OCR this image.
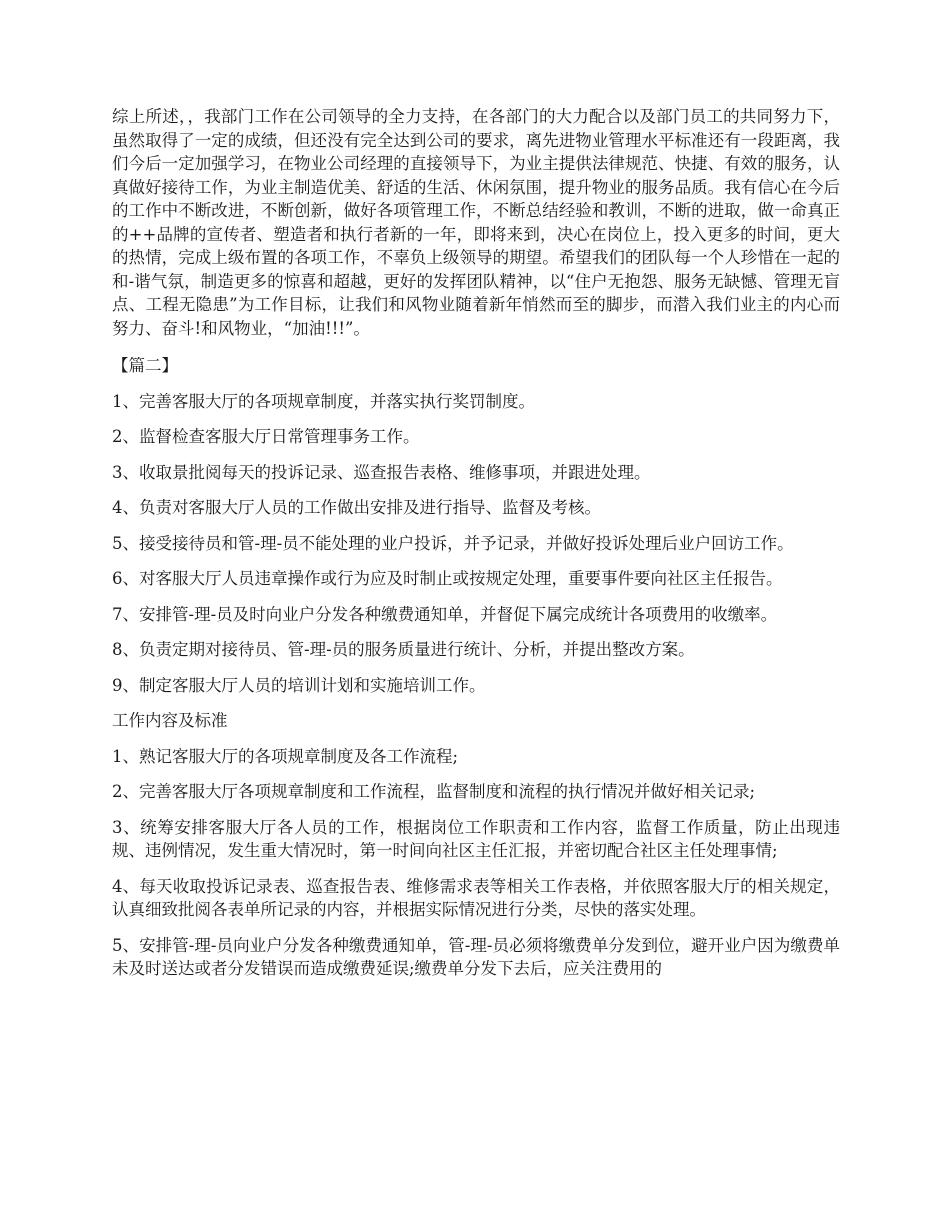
综上所述，，我部门工作在公司领导的全力支持，在各部门的大力配合以及部门员工的共同努力下，虽然取得了一定的成绩，但还没有完全达到公司的要求，离先进物业管理水平标准还有一段距离，我们今后一定加强学习，在物业公司经理的直接领导下，为业主提供法律规范、快捷、有效的服务，认真做好接待工作，为业主制造优美、舒适的生活、休闲氛围，提升物业的服务品质。我有信心在今后的工作中不断改进，不断创新，做好各项管理工作，不断总结经验和教训，不断的进取，做一命真正的++品牌的宣传者、塑造者和执行者新的一年，即将来到，决心在岗位上，投入更多的时间，更大的热情，完成上级布置的各项工作，不辜负上级领导的期望。希望我们的团队每一个人珍惜在一起的和-谐气氛，制造更多的惊喜和超越，更好的发挥团队精神，以“住户无抱怨、服务无缺憾、管理无盲点、工程无隐患”为工作目标，让我们和风物业随着新年悄然而至的脚步，而潜入我们业主的内心而努力、奋斗!和风物业，“加油!!!”。

【篇二】

1、完善客服大厅的各项规章制度，并落实执行奖罚制度。

2、监督检查客服大厅日常管理事务工作。

3、收取景批阅每天的投诉记录、巡查报告表格、维修事项，并跟进处理。

4、负责对客服大厅人员的工作做出安排及进行指导、监督及考核。

5、接受接待员和管-理-员不能处理的业户投诉，并予记录，并做好投诉处理后业户回访工作。

6、对客服大厅人员违章操作或行为应及时制止或按规定处理，重要事件要向社区主任报告。

7、安排管-理-员及时向业户分发各种缴费通知单，并督促下属完成统计各项费用的收缴率。

8、负责定期对接待员、管-理-员的服务质量进行统计、分析，并提出整改方案。

9、制定客服大厅人员的培训计划和实施培训工作。

工作内容及标准

1、熟记客服大厅的各项规章制度及各工作流程;

2、完善客服大厅各项规章制度和工作流程，监督制度和流程的执行情况并做好相关记录;

3、统筹安排客服大厅各人员的工作，根据岗位工作职责和工作内容，监督工作质量，防止出现违规、违例情况，发生重大情况时，第一时间向社区主任汇报，并密切配合社区主任处理事情;

4、每天收取投诉记录表、巡查报告表、维修需求表等相关工作表格，并依照客服大厅的相关规定，认真细致批阅各表单所记录的内容，并根据实际情况进行分类，尽快的落实处理。

5、安排管-理-员向业户分发各种缴费通知单，管-理-员必须将缴费单分发到位，避开业户因为缴费单未及时送达或者分发错误而造成缴费延误;缴费单分发下去后，应关注费用的
